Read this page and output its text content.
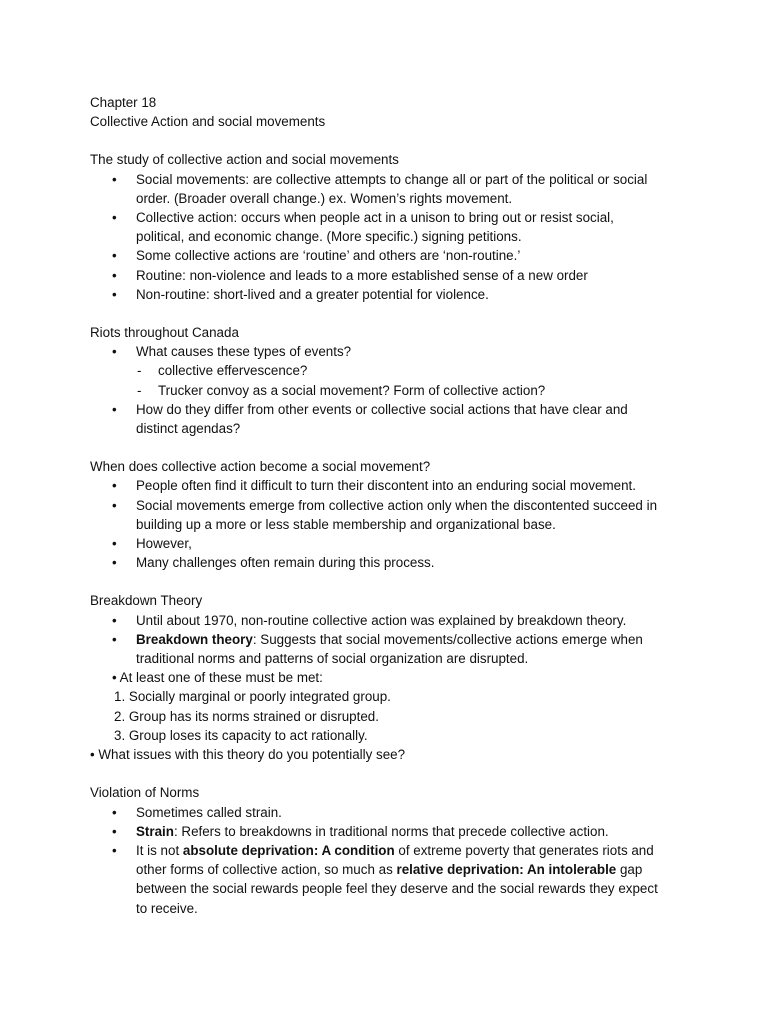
Chapter 18
Collective Action and social movements
The study of collective action and social movements
• Social movements: are collective attempts to change all or part of the political or social
order. (Broader overall change.) ex. Women’s rights movement.
• Collective action: occurs when people act in a unison to bring out or resist social,
political, and economic change. (More specific.) signing petitions.
• Some collective actions are ‘routine’ and others are ‘non-routine.’
• Routine: non-violence and leads to a more established sense of a new order
• Non-routine: short-lived and a greater potential for violence.
Riots throughout Canada
• What causes these types of events?
- collective effervescence?
- Trucker convoy as a social movement? Form of collective action?
• How do they differ from other events or collective social actions that have clear and
distinct agendas?
When does collective action become a social movement?
• People often find it difficult to turn their discontent into an enduring social movement.
• Social movements emerge from collective action only when the discontented succeed in
building up a more or less stable membership and organizational base.
• However,
• Many challenges often remain during this process.
Breakdown Theory
• Until about 1970, non-routine collective action was explained by breakdown theory.
• Breakdown theory: Suggests that social movements/collective actions emerge when
traditional norms and patterns of social organization are disrupted.
• At least one of these must be met:
1. Socially marginal or poorly integrated group.
2. Group has its norms strained or disrupted.
3. Group loses its capacity to act rationally.
• What issues with this theory do you potentially see?
Violation of Norms
• Sometimes called strain.
• Strain: Refers to breakdowns in traditional norms that precede collective action.
• It is not absolute deprivation: A condition of extreme poverty that generates riots and
other forms of collective action, so much as relative deprivation: An intolerable gap
between the social rewards people feel they deserve and the social rewards they expect
to receive.
